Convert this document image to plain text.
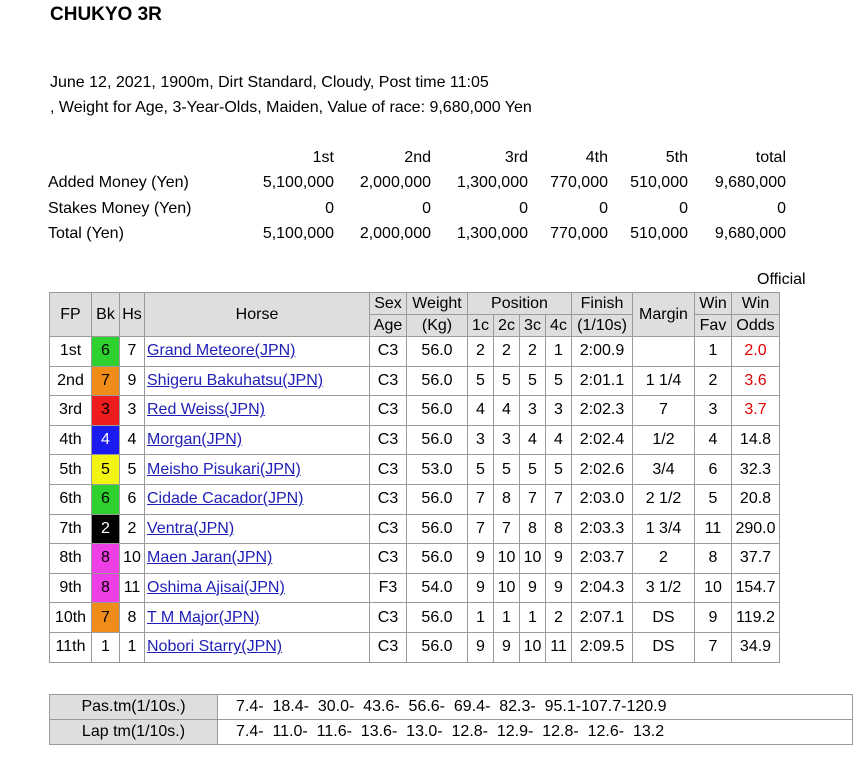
CHUKYO 3R
June 12, 2021, 1900m, Dirt Standard, Cloudy, Post time 11:05
, Weight for Age, 3-Year-Olds, Maiden, Value of race: 9,680,000 Yen
	1st	2nd	3rd	4th	5th	total
Added Money (Yen)	5,100,000	2,000,000	1,300,000	770,000	510,000	9,680,000
Stakes Money (Yen)	0	0	0	0	0	0
Total (Yen)	5,100,000	2,000,000	1,300,000	770,000	510,000	9,680,000
Official
FP	Bk	Hs	Horse	Sex	Weight	Position				Finish	Margin	Win	Win
				Age	(Kg)	1c	2c	3c	4c	(1/10s)		Fav	Odds
1st	6	7	Grand Meteore(JPN)	C3	56.0	2	2	2	1	2:00.9		1	2.0
2nd	7	9	Shigeru Bakuhatsu(JPN)	C3	56.0	5	5	5	5	2:01.1	1 1/4	2	3.6
3rd	3	3	Red Weiss(JPN)	C3	56.0	4	4	3	3	2:02.3	7	3	3.7
4th	4	4	Morgan(JPN)	C3	56.0	3	3	4	4	2:02.4	1/2	4	14.8
5th	5	5	Meisho Pisukari(JPN)	C3	53.0	5	5	5	5	2:02.6	3/4	6	32.3
6th	6	6	Cidade Cacador(JPN)	C3	56.0	7	8	7	7	2:03.0	2 1/2	5	20.8
7th	2	2	Ventra(JPN)	C3	56.0	7	7	8	8	2:03.3	1 3/4	11	290.0
8th	8	10	Maen Jaran(JPN)	C3	56.0	9	10	10	9	2:03.7	2	8	37.7
9th	8	11	Oshima Ajisai(JPN)	F3	54.0	9	10	9	9	2:04.3	3 1/2	10	154.7
10th	7	8	T M Major(JPN)	C3	56.0	1	1	1	2	2:07.1	DS	9	119.2
11th	1	1	Nobori Starry(JPN)	C3	56.0	9	9	10	11	2:09.5	DS	7	34.9
Pas.tm(1/10s.)	7.4-  18.4-  30.0-  43.6-  56.6-  69.4-  82.3-  95.1-107.7-120.9
Lap tm(1/10s.)	7.4-  11.0-  11.6-  13.6-  13.0-  12.8-  12.9-  12.8-  12.6-  13.2
